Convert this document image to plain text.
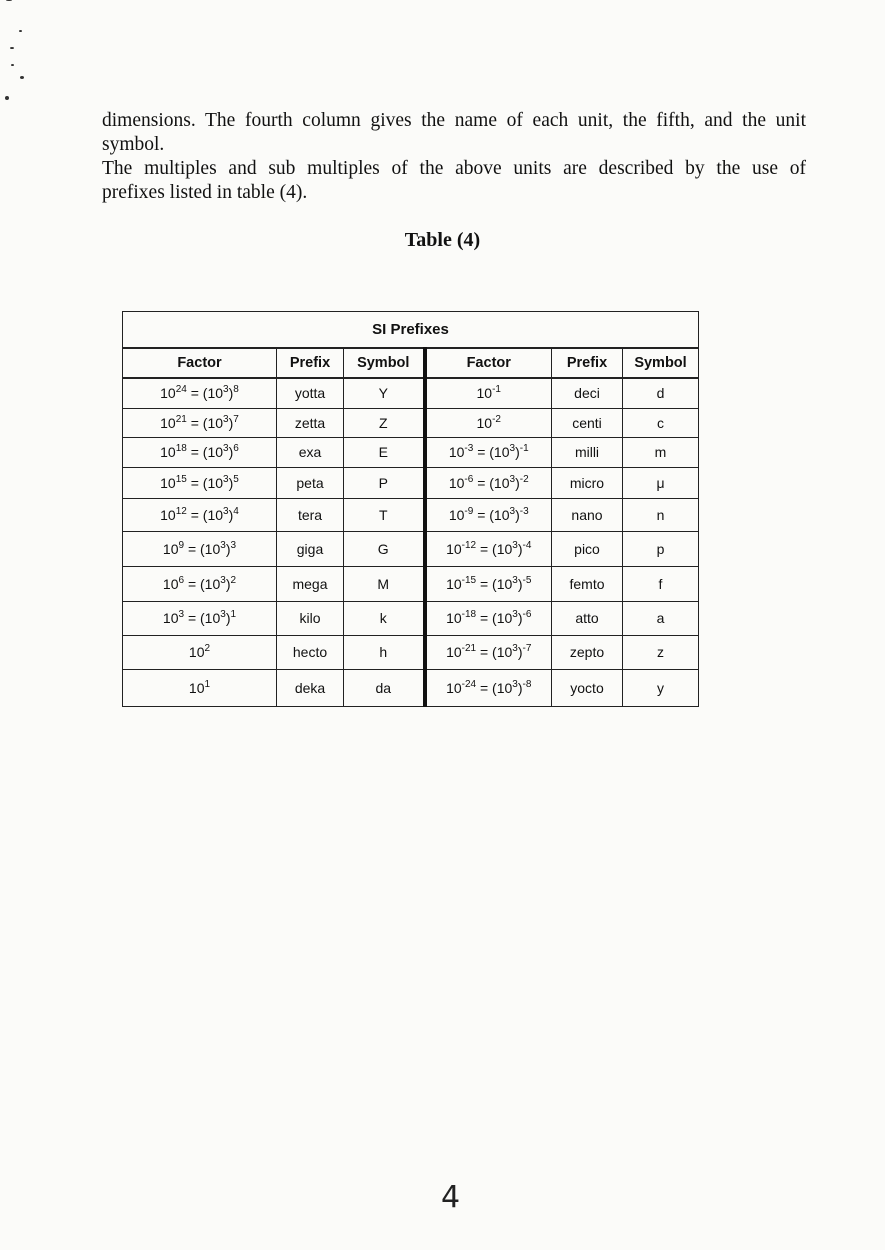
dimensions. The fourth column gives the name of each unit, the fifth, and the unit
symbol.
The multiples and sub multiples of the above units are described by the use of
prefixes listed in table (4).
Table (4)
SI Prefixes					
Factor	Prefix	Symbol	Factor	Prefix	Symbol
$10^{24} = (10^3)^8$	yotta	Y	$10^{-1}$	deci	d
$10^{21} = (10^3)^7$	zetta	Z	$10^{-2}$	centi	c
$10^{18} = (10^3)^6$	exa	E	$10^{-3} = (10^3)^{-1}$	milli	m
$10^{15} = (10^3)^5$	peta	P	$10^{-6} = (10^3)^{-2}$	micro	μ
$10^{12} = (10^3)^4$	tera	T	$10^{-9} = (10^3)^{-3}$	nano	n
$10^9 = (10^3)^3$	giga	G	$10^{-12} = (10^3)^{-4}$	pico	p
$10^6 = (10^3)^2$	mega	M	$10^{-15} = (10^3)^{-5}$	femto	f
$10^3 = (10^3)^1$	kilo	k	$10^{-18} = (10^3)^{-6}$	atto	a
$10^2$	hecto	h	$10^{-21} = (10^3)^{-7}$	zepto	z
$10^1$	deka	da	$10^{-24} = (10^3)^{-8}$	yocto	y
4
